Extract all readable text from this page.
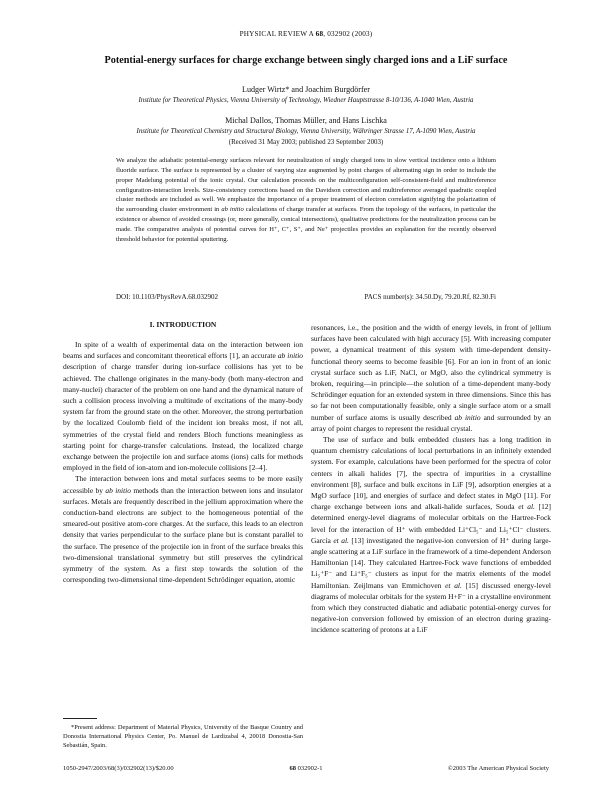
PHYSICAL REVIEW A 68, 032902 (2003)
Potential-energy surfaces for charge exchange between singly charged ions and a LiF surface
Ludger Wirtz* and Joachim Burgdörfer
Institute for Theoretical Physics, Vienna University of Technology, Wiedner Hauptstrasse 8-10/136, A-1040 Wien, Austria
Michal Dallos, Thomas Müller, and Hans Lischka
Institute for Theoretical Chemistry and Structural Biology, Vienna University, Währinger Strasse 17, A-1090 Wien, Austria
(Received 31 May 2003; published 23 September 2003)

We analyze the adiabatic potential-energy surfaces relevant for neutralization of singly charged ions in slow vertical incidence onto a lithium fluoride surface. The surface is represented by a cluster of varying size augmented by point charges of alternating sign in order to include the proper Madelung potential of the ionic crystal. Our calculation proceeds on the multiconfiguration self-consistent-field and multireference configuration-interaction levels. Size-consistency corrections based on the Davidson correction and multireference averaged quadratic coupled cluster methods are included as well. We emphasize the importance of a proper treatment of electron correlation signifying the polarization of the surrounding cluster environment in ab initio calculations of charge transfer at surfaces. From the topology of the surfaces, in particular the existence or absence of avoided crossings (or, more generally, conical intersections), qualitative predictions for the neutralization process can be made. The comparative analysis of potential curves for H⁺, C⁺, S⁺, and Ne⁺ projectiles provides an explanation for the recently observed threshold behavior for potential sputtering.

DOI: 10.1103/PhysRevA.68.032902	PACS number(s): 34.50.Dy, 79.20.Rf, 82.30.Fi
I. INTRODUCTION

In spite of a wealth of experimental data on the interaction between ion beams and surfaces and concomitant theoretical efforts [1], an accurate ab initio description of charge transfer during ion-surface collisions has yet to be achieved. The challenge originates in the many-body (both many-electron and many-nuclei) character of the problem on one hand and the dynamical nature of such a collision process involving a multitude of excitations of the many-body system far from the ground state on the other. Moreover, the strong perturbation by the localized Coulomb field of the incident ion breaks most, if not all, symmetries of the crystal field and renders Bloch functions meaningless as starting point for charge-transfer calculations. Instead, the localized charge exchange between the projectile ion and surface atoms (ions) calls for methods employed in the field of ion-atom and ion-molecule collisions [2–4].

The interaction between ions and metal surfaces seems to be more easily accessible by ab initio methods than the interaction between ions and insulator surfaces. Metals are frequently described in the jellium approximation where the conduction-band electrons are subject to the homogeneous potential of the smeared-out positive atom-core charges. At the surface, this leads to an electron density that varies perpendicular to the surface plane but is constant parallel to the surface. The presence of the projectile ion in front of the surface breaks this two-dimensional translational symmetry but still preserves the cylindrical symmetry of the system. As a first step towards the solution of the corresponding two-dimensional time-dependent Schrödinger equation, atomic

*Present address: Department of Material Physics, University of the Basque Country and Donostia International Physics Center, Po. Manuel de Lardizabal 4, 20018 Donostia-San Sebastián, Spain.

resonances, i.e., the position and the width of energy levels, in front of jellium surfaces have been calculated with high accuracy [5]. With increasing computer power, a dynamical treatment of this system with time-dependent density-functional theory seems to become feasible [6]. For an ion in front of an ionic crystal surface such as LiF, NaCl, or MgO, also the cylindrical symmetry is broken, requiring—in principle—the solution of a time-dependent many-body Schrödinger equation for an extended system in three dimensions. Since this has so far not been computationally feasible, only a single surface atom or a small number of surface atoms is usually described ab initio and surrounded by an array of point charges to represent the residual crystal.

The use of surface and bulk embedded clusters has a long tradition in quantum chemistry calculations of local perturbations in an infinitely extended system. For example, calculations have been performed for the spectra of color centers in alkali halides [7], the spectra of impurities in a crystalline environment [8], surface and bulk excitons in LiF [9], adsorption energies at a MgO surface [10], and energies of surface and defect states in MgO [11]. For charge exchange between ions and alkali-halide surfaces, Souda et al. [12] determined energy-level diagrams of molecular orbitals on the Hartree-Fock level for the interaction of H⁺ with embedded Li⁺Cl₅⁻ and Li₅⁺Cl⁻ clusters. García et al. [13] investigated the negative-ion conversion of H⁺ during large-angle scattering at a LiF surface in the framework of a time-dependent Anderson Hamiltonian [14]. They calculated Hartree-Fock wave functions of embedded Li₅⁺F⁻ and Li⁺F₅⁻ clusters as input for the matrix elements of the model Hamiltonian. Zeijlmans van Emmichoven et al. [15] discussed energy-level diagrams of molecular orbitals for the system H+F⁻ in a crystalline environment from which they constructed diabatic and adiabatic potential-energy curves for negative-ion conversion followed by emission of an electron during grazing-incidence scattering of protons at a LiF

1050-2947/2003/68(3)/032902(13)/$20.00	68 032902-1	©2003 The American Physical Society
